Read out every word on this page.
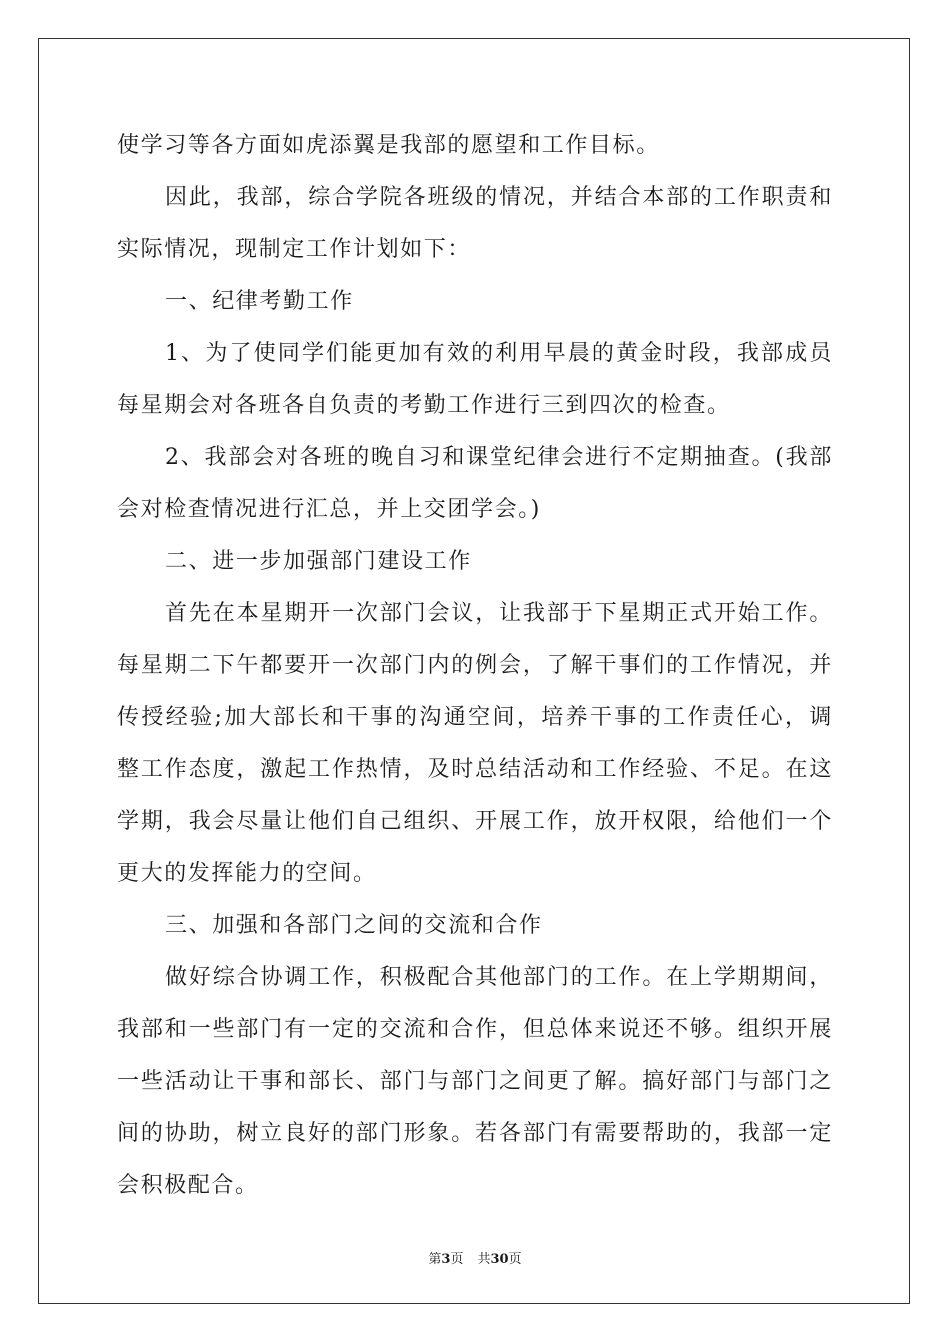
使学习等各方面如虎添翼是我部的愿望和工作目标。

因此，我部，综合学院各班级的情况，并结合本部的工作职责和实际情况，现制定工作计划如下：

一、纪律考勤工作

1、为了使同学们能更加有效的利用早晨的黄金时段，我部成员每星期会对各班各自负责的考勤工作进行三到四次的检查。

2、我部会对各班的晚自习和课堂纪律会进行不定期抽查。(我部会对检查情况进行汇总，并上交团学会。)

二、进一步加强部门建设工作

首先在本星期开一次部门会议，让我部于下星期正式开始工作。每星期二下午都要开一次部门内的例会，了解干事们的工作情况，并传授经验;加大部长和干事的沟通空间，培养干事的工作责任心，调整工作态度，激起工作热情，及时总结活动和工作经验、不足。在这学期，我会尽量让他们自己组织、开展工作，放开权限，给他们一个更大的发挥能力的空间。

三、加强和各部门之间的交流和合作

做好综合协调工作，积极配合其他部门的工作。在上学期期间，我部和一些部门有一定的交流和合作，但总体来说还不够。组织开展一些活动让干事和部长、部门与部门之间更了解。搞好部门与部门之间的协助，树立良好的部门形象。若各部门有需要帮助的，我部一定会积极配合。

第3页 共30页
